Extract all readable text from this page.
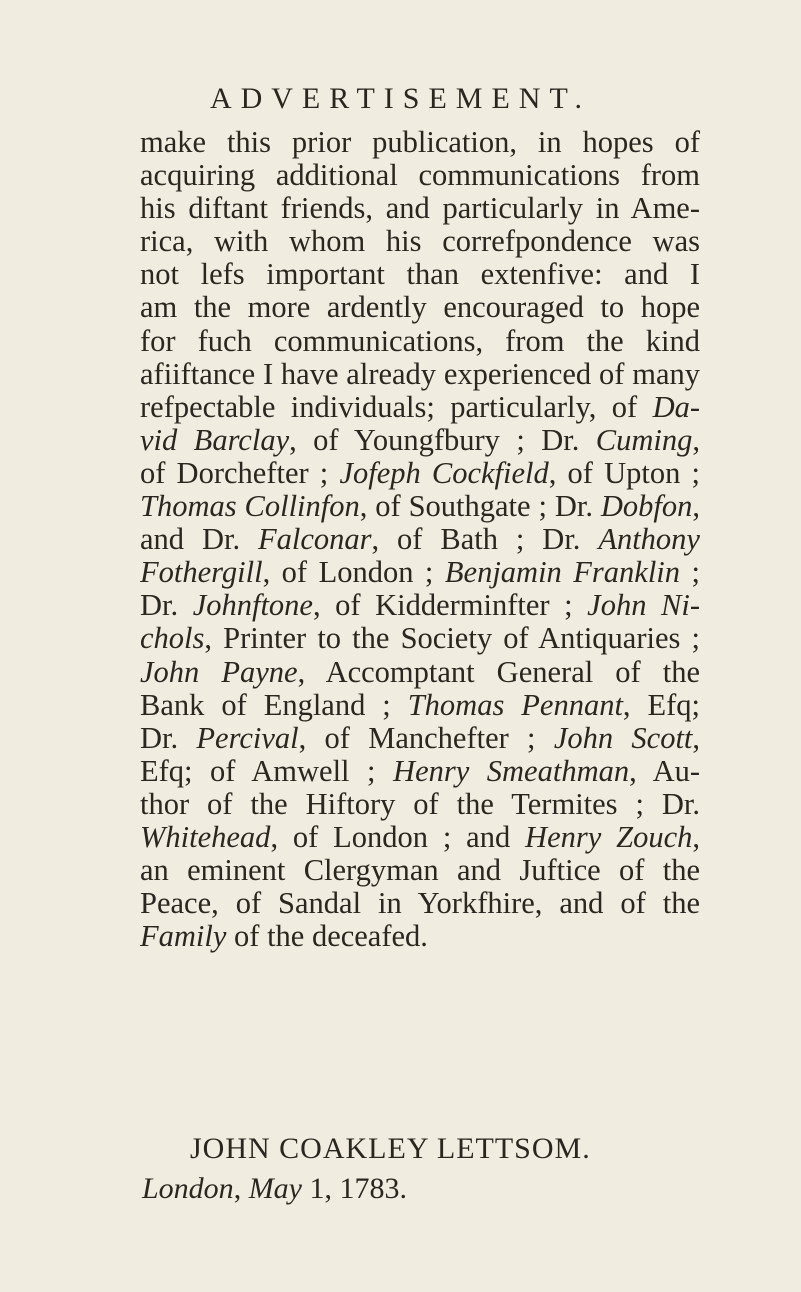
ADVERTISEMENT.
make this prior publication, in hopes of
acquiring additional communications from
his diftant friends, and particularly in Ame-
rica, with whom his correfpondence was
not lefs important than extenfive: and I
am the more ardently encouraged to hope
for fuch communications, from the kind
afiiftance I have already experienced of many
refpectable individuals; particularly, of Da-
vid Barclay, of Youngfbury ; Dr. Cuming,
of Dorchefter ; Jofeph Cockfield, of Upton ;
Thomas Collinfon, of Southgate ; Dr. Dobfon,
and Dr. Falconar, of Bath ; Dr. Anthony
Fothergill, of London ; Benjamin Franklin ;
Dr. Johnftone, of Kidderminfter ; John Ni-
chols, Printer to the Society of Antiquaries ;
John Payne, Accomptant General of the
Bank of England ; Thomas Pennant, Efq;
Dr. Percival, of Manchefter ; John Scott,
Efq; of Amwell ; Henry Smeathman, Au-
thor of the Hiftory of the Termites ; Dr.
Whitehead, of London ; and Henry Zouch,
an eminent Clergyman and Juftice of the
Peace, of Sandal in Yorkfhire, and of the
Family of the deceafed.
JOHN COAKLEY LETTSOM.
London, May 1, 1783.
